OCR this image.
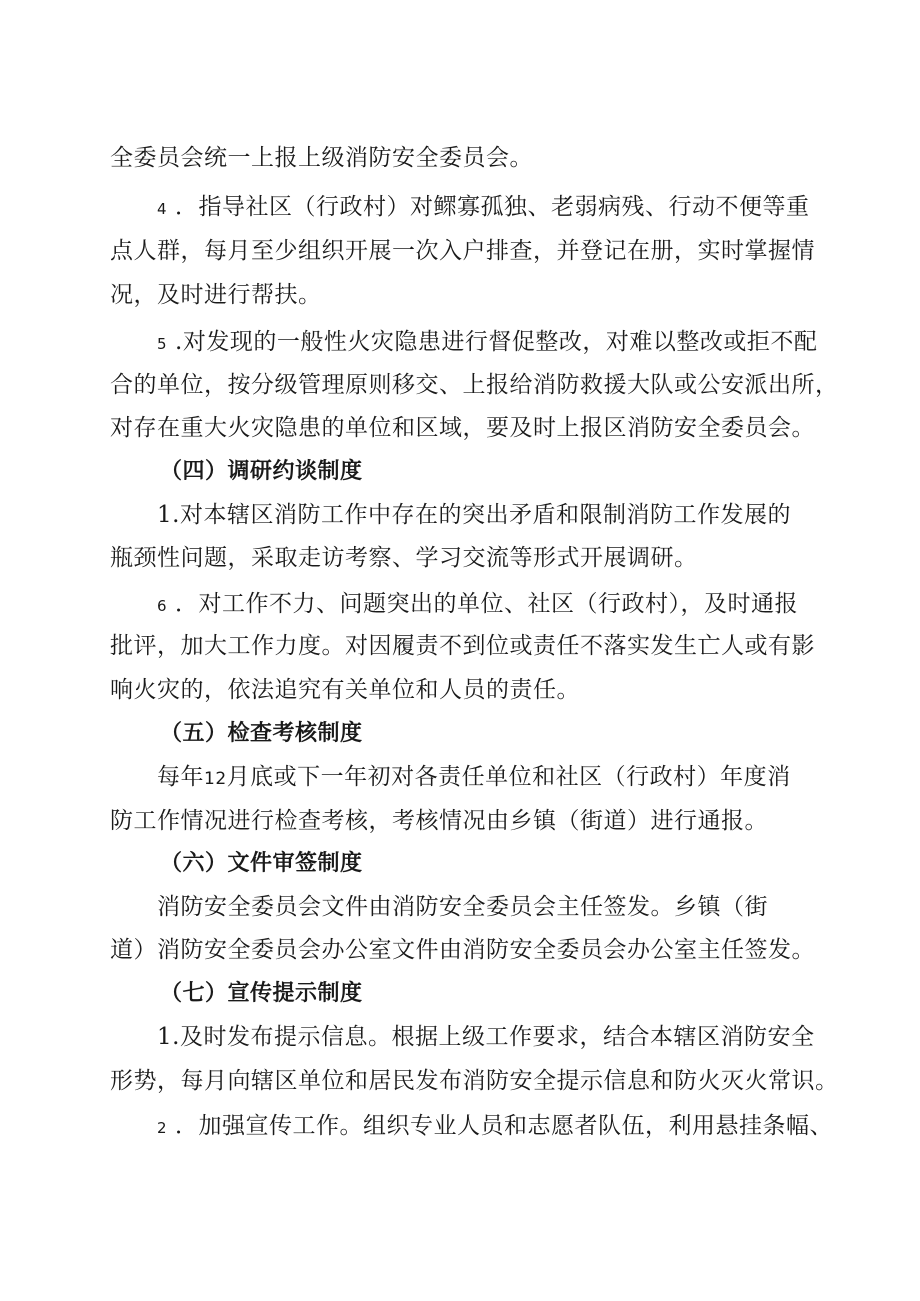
全委员会统一上报上级消防安全委员会。
4 ．指导社区（行政村）对鳏寡孤独、老弱病残、行动不便等重
点人群，每月至少组织开展一次入户排查，并登记在册，实时掌握情
况，及时进行帮扶。
5 .对发现的一般性火灾隐患进行督促整改，对难以整改或拒不配
合的单位，按分级管理原则移交、上报给消防救援大队或公安派出所，
对存在重大火灾隐患的单位和区域，要及时上报区消防安全委员会。
（四）调研约谈制度
1.对本辖区消防工作中存在的突出矛盾和限制消防工作发展的
瓶颈性问题，采取走访考察、学习交流等形式开展调研。
6 ．对工作不力、问题突出的单位、社区（行政村），及时通报
批评，加大工作力度。对因履责不到位或责任不落实发生亡人或有影
响火灾的，依法追究有关单位和人员的责任。
（五）检查考核制度
每年12月底或下一年初对各责任单位和社区（行政村）年度消
防工作情况进行检查考核，考核情况由乡镇（街道）进行通报。
（六）文件审签制度
消防安全委员会文件由消防安全委员会主任签发。乡镇（街
道）消防安全委员会办公室文件由消防安全委员会办公室主任签发。
（七）宣传提示制度
1.及时发布提示信息。根据上级工作要求，结合本辖区消防安全
形势，每月向辖区单位和居民发布消防安全提示信息和防火灭火常识。
2 ．加强宣传工作。组织专业人员和志愿者队伍，利用悬挂条幅、
